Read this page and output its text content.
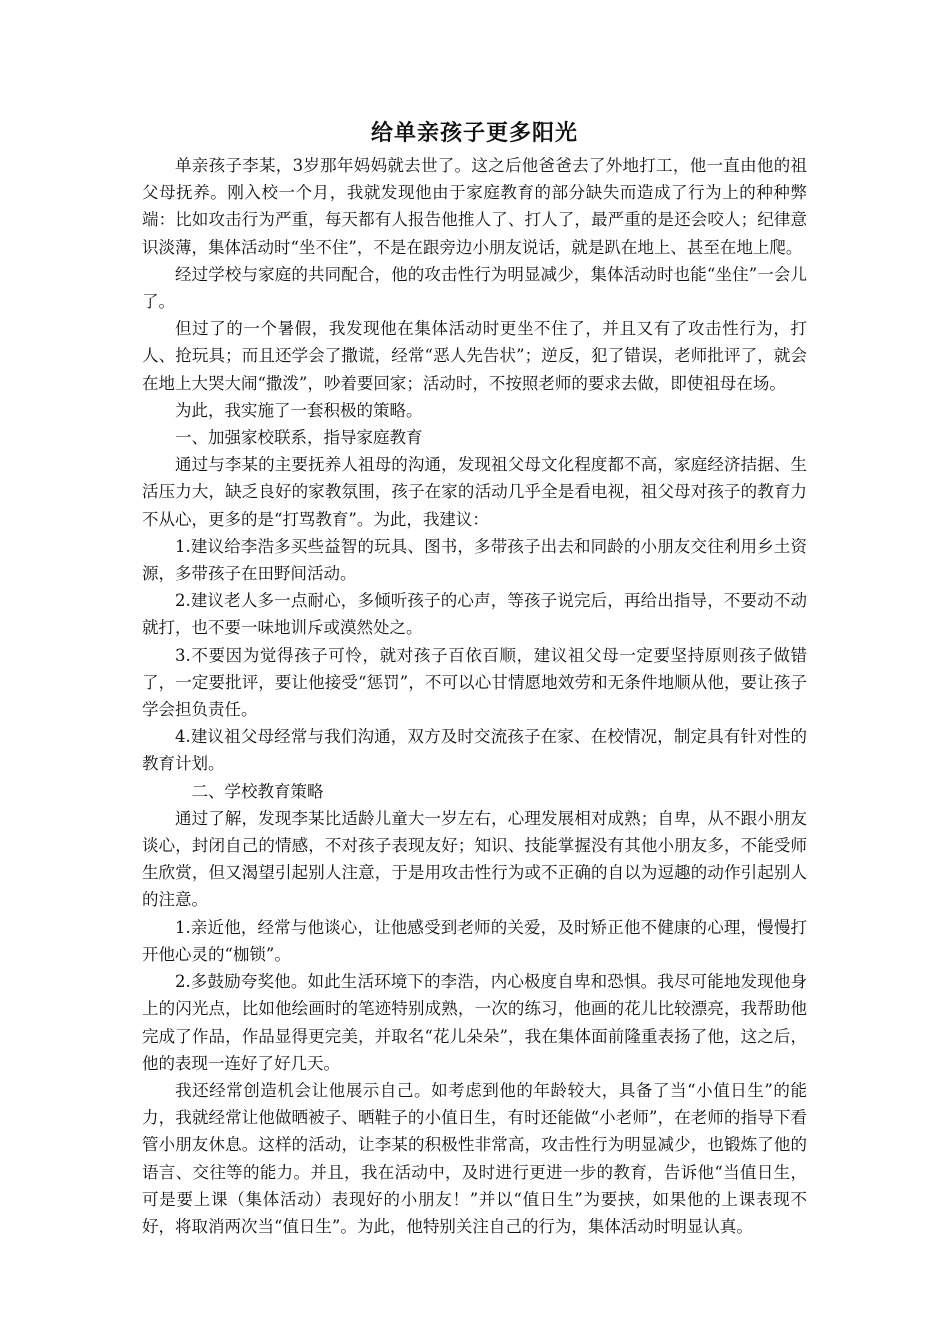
给单亲孩子更多阳光

单亲孩子李某，3岁那年妈妈就去世了。这之后他爸爸去了外地打工，他一直由他的祖父母抚养。刚入校一个月，我就发现他由于家庭教育的部分缺失而造成了行为上的种种弊端：比如攻击行为严重，每天都有人报告他推人了、打人了，最严重的是还会咬人；纪律意识淡薄，集体活动时“坐不住”，不是在跟旁边小朋友说话，就是趴在地上、甚至在地上爬。

经过学校与家庭的共同配合，他的攻击性行为明显减少，集体活动时也能“坐住”一会儿了。

但过了的一个暑假，我发现他在集体活动时更坐不住了，并且又有了攻击性行为，打人、抢玩具；而且还学会了撒谎，经常“恶人先告状”；逆反，犯了错误，老师批评了，就会在地上大哭大闹“撒泼”，吵着要回家；活动时，不按照老师的要求去做，即使祖母在场。

为此，我实施了一套积极的策略。

一、加强家校联系，指导家庭教育

通过与李某的主要抚养人祖母的沟通，发现祖父母文化程度都不高，家庭经济拮据、生活压力大，缺乏良好的家教氛围，孩子在家的活动几乎全是看电视，祖父母对孩子的教育力不从心，更多的是“打骂教育”。为此，我建议：

1.建议给李浩多买些益智的玩具、图书，多带孩子出去和同龄的小朋友交往利用乡土资源，多带孩子在田野间活动。

2.建议老人多一点耐心，多倾听孩子的心声，等孩子说完后，再给出指导，不要动不动就打，也不要一味地训斥或漠然处之。

3.不要因为觉得孩子可怜，就对孩子百依百顺，建议祖父母一定要坚持原则孩子做错了，一定要批评，要让他接受“惩罚”，不可以心甘情愿地效劳和无条件地顺从他，要让孩子学会担负责任。

4.建议祖父母经常与我们沟通，双方及时交流孩子在家、在校情况，制定具有针对性的教育计划。

二、学校教育策略

通过了解，发现李某比适龄儿童大一岁左右，心理发展相对成熟；自卑，从不跟小朋友谈心，封闭自己的情感，不对孩子表现友好；知识、技能掌握没有其他小朋友多，不能受师生欣赏，但又渴望引起别人注意，于是用攻击性行为或不正确的自以为逗趣的动作引起别人的注意。

1.亲近他，经常与他谈心，让他感受到老师的关爱，及时矫正他不健康的心理，慢慢打开他心灵的“枷锁”。

2.多鼓励夸奖他。如此生活环境下的李浩，内心极度自卑和恐惧。我尽可能地发现他身上的闪光点，比如他绘画时的笔迹特别成熟，一次的练习，他画的花儿比较漂亮，我帮助他完成了作品，作品显得更完美，并取名“花儿朵朵”，我在集体面前隆重表扬了他，这之后，他的表现一连好了好几天。

我还经常创造机会让他展示自己。如考虑到他的年龄较大，具备了当“小值日生”的能力，我就经常让他做晒被子、晒鞋子的小值日生，有时还能做“小老师”，在老师的指导下看管小朋友休息。这样的活动，让李某的积极性非常高，攻击性行为明显减少，也锻炼了他的语言、交往等的能力。并且，我在活动中，及时进行更进一步的教育，告诉他“当值日生，可是要上课（集体活动）表现好的小朋友！”并以“值日生”为要挟，如果他的上课表现不好，将取消两次当“值日生”。为此，他特别关注自己的行为，集体活动时明显认真。
